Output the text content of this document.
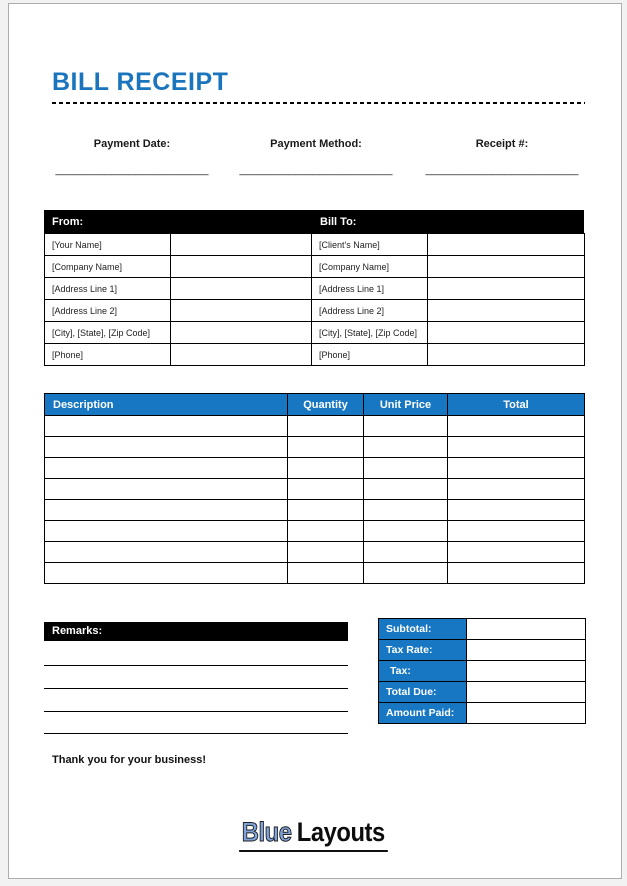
BILL RECEIPT
Payment Date:
_________________________
Payment Method:
_________________________
Receipt #:
_________________________
From:	Bill To:
[Your Name]		[Client's Name]	
[Company Name]		[Company Name]	
[Address Line 1]		[Address Line 1]	
[Address Line 2]		[Address Line 2]	
[City], [State], [Zip Code]		[City], [State], [Zip Code]	
[Phone]		[Phone]	
Description	Quantity	Unit Price	Total

Remarks:	Subtotal:	
Tax Rate:	
Tax:	
Total Due:	
Amount Paid:	
Thank you for your business!
Blue Layouts
